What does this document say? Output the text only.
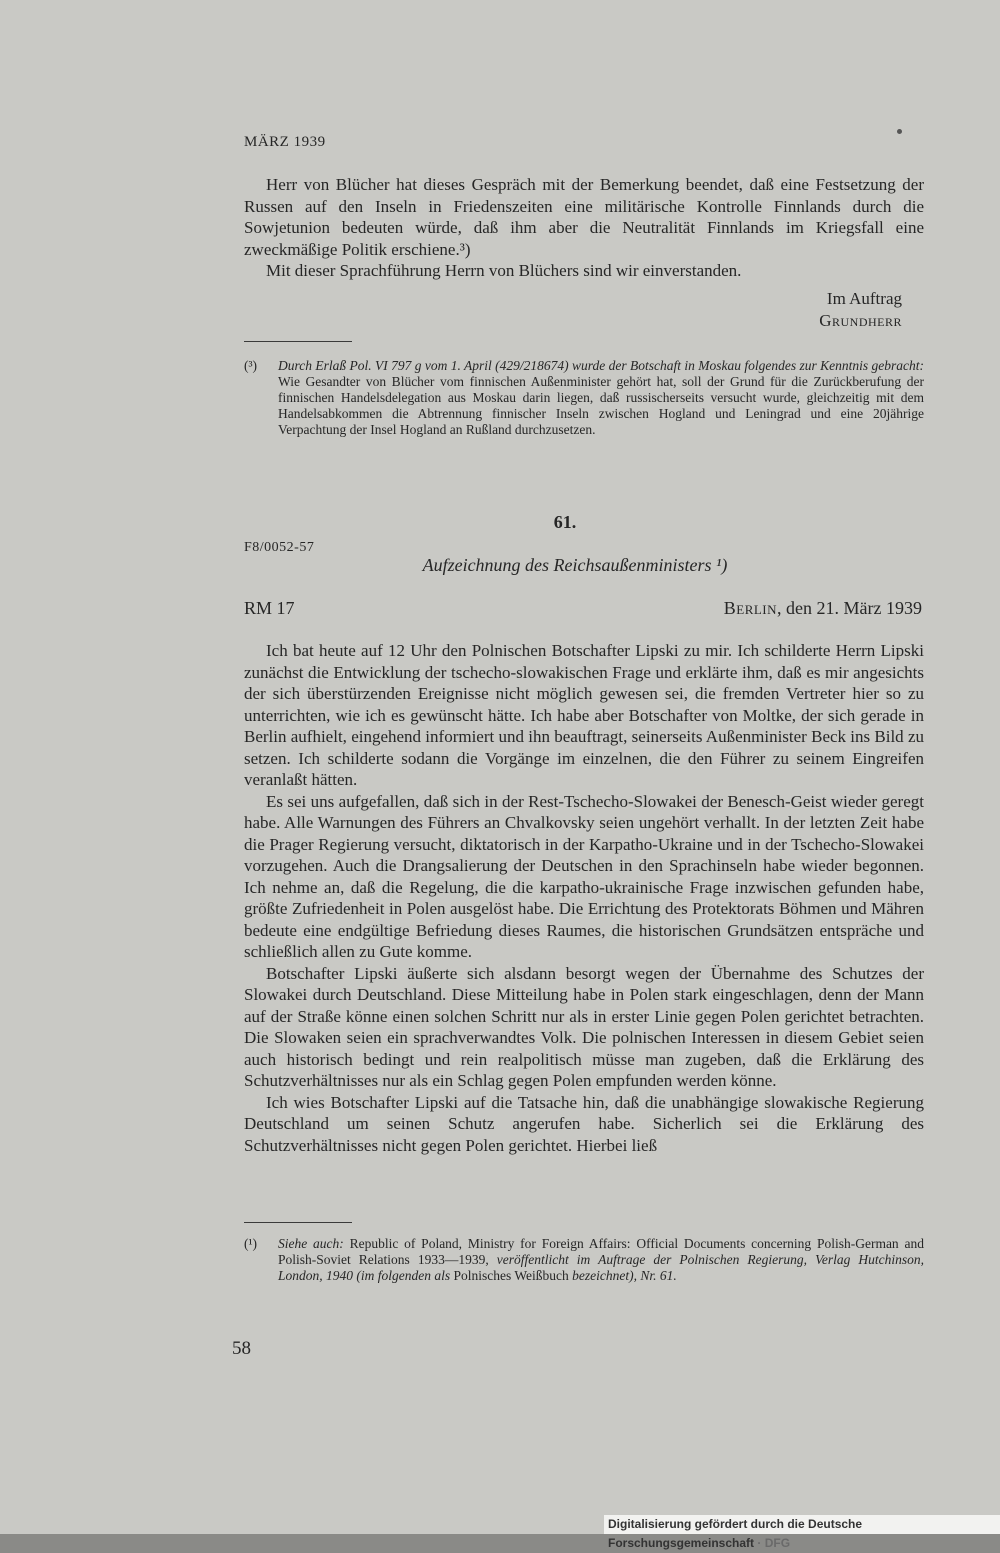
MÄRZ 1939

Herr von Blücher hat dieses Gespräch mit der Bemerkung beendet, daß eine Festsetzung der Russen auf den Inseln in Friedenszeiten eine militärische Kontrolle Finnlands durch die Sowjetunion bedeuten würde, daß ihm aber die Neutralität Finnlands im Kriegsfall eine zweckmäßige Politik erschiene.³)

Mit dieser Sprachführung Herrn von Blüchers sind wir einverstanden.

Im Auftrag
Grundherr

(³) Durch Erlaß Pol. VI 797 g vom 1. April (429/218674) wurde der Botschaft in Moskau folgendes zur Kenntnis gebracht: Wie Gesandter von Blücher vom finnischen Außenminister gehört hat, soll der Grund für die Zurückberufung der finnischen Handelsdelegation aus Moskau darin liegen, daß russischerseits versucht wurde, gleichzeitig mit dem Handelsabkommen die Abtrennung finnischer Inseln zwischen Hogland und Leningrad und eine 20jährige Verpachtung der Insel Hogland an Rußland durchzusetzen.

61.
F8/0052-57
Aufzeichnung des Reichsaußenministers ¹)
RM 17	Berlin, den 21. März 1939

Ich bat heute auf 12 Uhr den Polnischen Botschafter Lipski zu mir. Ich schilderte Herrn Lipski zunächst die Entwicklung der tschecho-slowakischen Frage und erklärte ihm, daß es mir angesichts der sich überstürzenden Ereignisse nicht möglich gewesen sei, die fremden Vertreter hier so zu unterrichten, wie ich es gewünscht hätte. Ich habe aber Botschafter von Moltke, der sich gerade in Berlin aufhielt, eingehend informiert und ihn beauftragt, seinerseits Außenminister Beck ins Bild zu setzen. Ich schilderte sodann die Vorgänge im einzelnen, die den Führer zu seinem Eingreifen veranlaßt hätten.

Es sei uns aufgefallen, daß sich in der Rest-Tschecho-Slowakei der Benesch-Geist wieder geregt habe. Alle Warnungen des Führers an Chvalkovsky seien ungehört verhallt. In der letzten Zeit habe die Prager Regierung versucht, diktatorisch in der Karpatho-Ukraine und in der Tschecho-Slowakei vorzugehen. Auch die Drangsalierung der Deutschen in den Sprachinseln habe wieder begonnen. Ich nehme an, daß die Regelung, die die karpatho-ukrainische Frage inzwischen gefunden habe, größte Zufriedenheit in Polen ausgelöst habe. Die Errichtung des Protektorats Böhmen und Mähren bedeute eine endgültige Befriedung dieses Raumes, die historischen Grundsätzen entspräche und schließlich allen zu Gute komme.

Botschafter Lipski äußerte sich alsdann besorgt wegen der Übernahme des Schutzes der Slowakei durch Deutschland. Diese Mitteilung habe in Polen stark eingeschlagen, denn der Mann auf der Straße könne einen solchen Schritt nur als in erster Linie gegen Polen gerichtet betrachten. Die Slowaken seien ein sprachverwandtes Volk. Die polnischen Interessen in diesem Gebiet seien auch historisch bedingt und rein realpolitisch müsse man zugeben, daß die Erklärung des Schutzverhältnisses nur als ein Schlag gegen Polen empfunden werden könne.

Ich wies Botschafter Lipski auf die Tatsache hin, daß die unabhängige slowakische Regierung Deutschland um seinen Schutz angerufen habe. Sicherlich sei die Erklärung des Schutzverhältnisses nicht gegen Polen gerichtet. Hierbei ließ

(¹) Siehe auch: Republic of Poland, Ministry for Foreign Affairs: Official Documents concerning Polish-German and Polish-Soviet Relations 1933—1939, veröffentlicht im Auftrage der Polnischen Regierung, Verlag Hutchinson, London, 1940 (im folgenden als Polnisches Weißbuch bezeichnet), Nr. 61.

58
Digitalisierung gefördert durch die Deutsche Forschungsgemeinschaft · DFG
